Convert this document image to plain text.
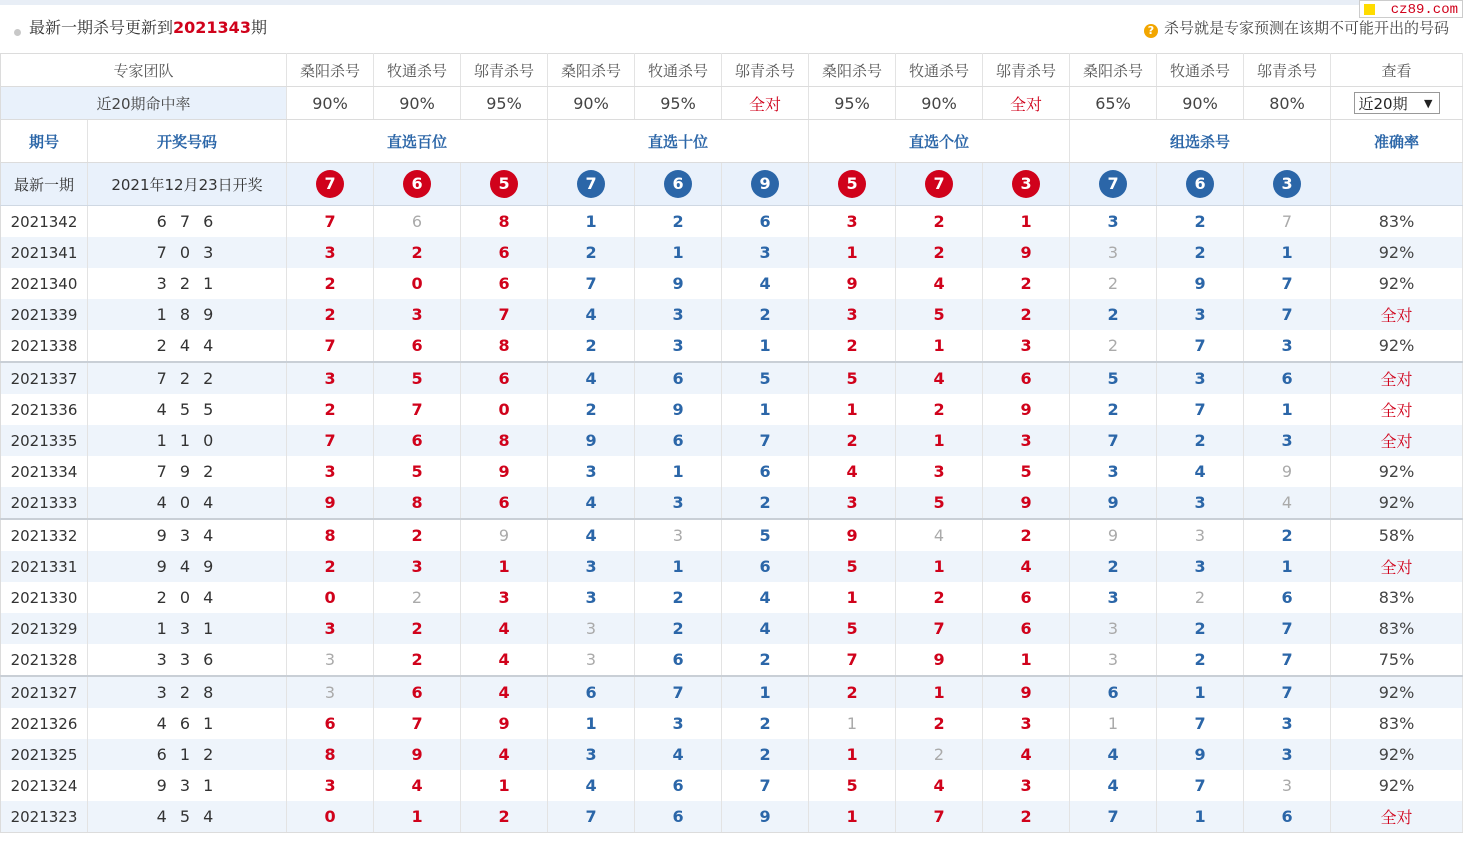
最新一期杀号更新到2021343期	? 杀号就是专家预测在该期不可能开出的号码
cz89.com
专家团队		桑阳杀号	牧通杀号	邬青杀号	桑阳杀号	牧通杀号	邬青杀号	桑阳杀号	牧通杀号	邬青杀号	桑阳杀号	牧通杀号	邬青杀号	查看
近20期命中率		90%	90%	95%	90%	95%	全对	95%	90%	全对	65%	90%	80%	近20期 ▼

期号	开奖号码	直选百位			直选十位			直选个位			组选杀号			准确率
最新一期	2021年12月23日开奖	7	6	5	7	6	9	5	7	3	7	6	3	
2021342	6 7 6	7	6	8	1	2	6	3	2	1	3	2	7	83%
2021341	7 0 3	3	2	6	2	1	3	1	2	9	3	2	1	92%
2021340	3 2 1	2	0	6	7	9	4	9	4	2	2	9	7	92%
2021339	1 8 9	2	3	7	4	3	2	3	5	2	2	3	7	全对
2021338	2 4 4	7	6	8	2	3	1	2	1	3	2	7	3	92%
2021337	7 2 2	3	5	6	4	6	5	5	4	6	5	3	6	全对
2021336	4 5 5	2	7	0	2	9	1	1	2	9	2	7	1	全对
2021335	1 1 0	7	6	8	9	6	7	2	1	3	7	2	3	全对
2021334	7 9 2	3	5	9	3	1	6	4	3	5	3	4	9	92%
2021333	4 0 4	9	8	6	4	3	2	3	5	9	9	3	4	92%
2021332	9 3 4	8	2	9	4	3	5	9	4	2	9	3	2	58%
2021331	9 4 9	2	3	1	3	1	6	5	1	4	2	3	1	全对
2021330	2 0 4	0	2	3	3	2	4	1	2	6	3	2	6	83%
2021329	1 3 1	3	2	4	3	2	4	5	7	6	3	2	7	83%
2021328	3 3 6	3	2	4	3	6	2	7	9	1	3	2	7	75%
2021327	3 2 8	3	6	4	6	7	1	2	1	9	6	1	7	92%
2021326	4 6 1	6	7	9	1	3	2	1	2	3	1	7	3	83%
2021325	6 1 2	8	9	4	3	4	2	1	2	4	4	9	3	92%
2021324	9 3 1	3	4	1	4	6	7	5	4	3	4	7	3	92%
2021323	4 5 4	0	1	2	7	6	9	1	7	2	7	1	6	全对
